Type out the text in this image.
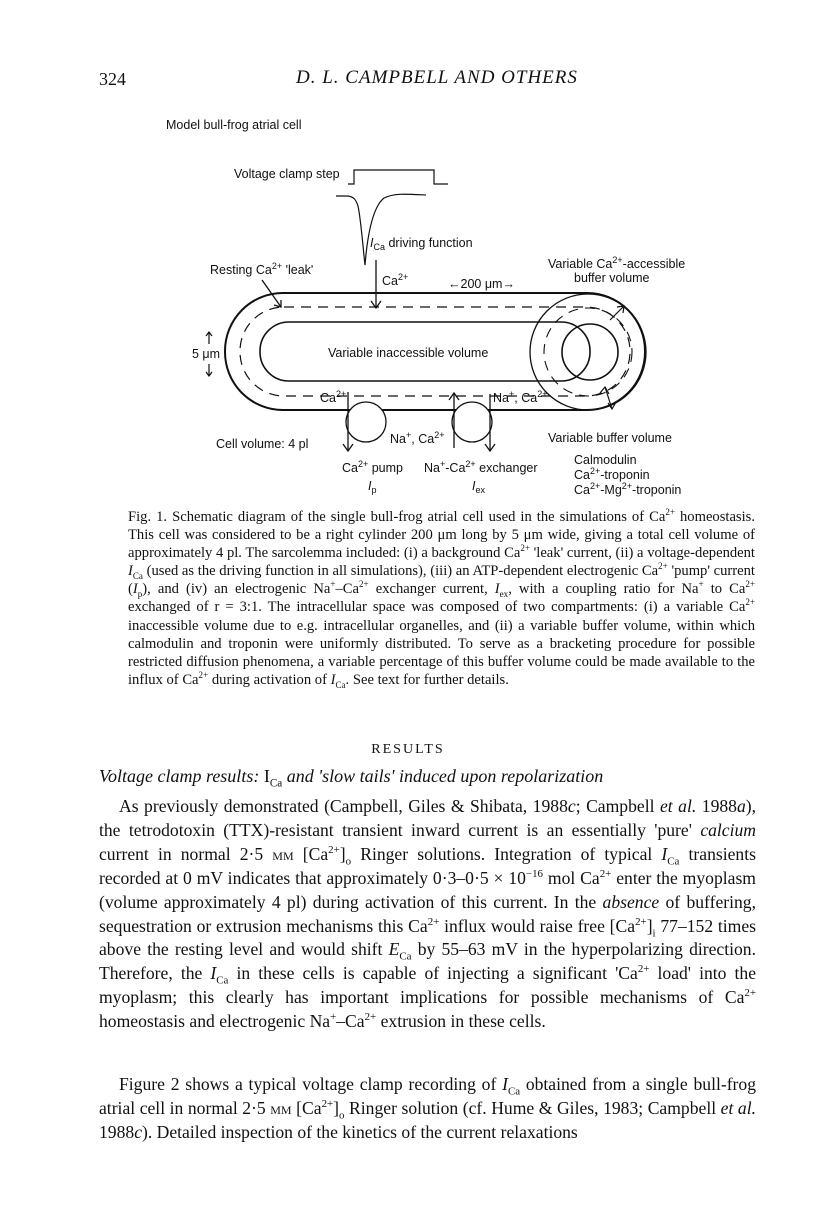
324	D. L. CAMPBELL AND OTHERS
Model bull-frog atrial cell
Voltage clamp step
$I_{Ca}$ driving function
Resting $Ca^{2+}$ 'leak'
$Ca^{2+}$	←200 μm→
Variable $Ca^{2+}$-accessible
buffer volume
Variable inaccessible volume
5 μm
$Ca^{2+}$
Na+, $Ca^{2+}$
Na+, $Ca^{2+}$
Cell volume: 4 pl	Variable buffer volume
Calmodulin
$Ca^{2+}$-troponin
$Ca^{2+}-Mg^{2+}$-troponin
$Ca^{2+}$ pump
$I_p$
$Na^+-Ca^{2+}$ exchanger
$I_{ex}$
Fig. 1. Schematic diagram of the single bull-frog atrial cell used in the simulations of $Ca^{2+}$ homeostasis. This cell was considered to be a right cylinder 200 μm long by 5 μm wide, giving a total cell volume of approximately 4 pl. The sarcolemma included: (i) a background $Ca^{2+}$ 'leak' current, (ii) a voltage-dependent $I_{Ca}$ (used as the driving function in all simulations), (iii) an ATP-dependent electrogenic $Ca^{2+}$ 'pump' current $(I_p)$, and (iv) an electrogenic $Na^+-Ca^{2+}$ exchanger current, $I_{ex}$, with a coupling ratio for Na+ to $Ca^{2+}$ exchanged of r = 3:1. The intracellular space was composed of two compartments: (i) a variable $Ca^{2+}$ inaccessible volume due to e.g. intracellular organelles, and (ii) a variable buffer volume, within which calmodulin and troponin were uniformly distributed. To serve as a bracketing procedure for possible restricted diffusion phenomena, a variable percentage of this buffer volume could be made available to the influx of $Ca^{2+}$ during activation of $I_{Ca}$. See text for further details.
RESULTS
Voltage clamp results: $I_{Ca}$ and 'slow tails' induced upon repolarization
As previously demonstrated (Campbell, Giles & Shibata, 1988c; Campbell et al. 1988a), the tetrodotoxin (TTX)-resistant transient inward current is an essentially 'pure' calcium current in normal 2·5 mm $[Ca^{2+}]_o$ Ringer solutions. Integration of typical $I_{Ca}$ transients recorded at 0 mV indicates that approximately $0\cdot 3-0\cdot 5 \times 10^{-16}$ mol $Ca^{2+}$ enter the myoplasm (volume approximately 4 pl) during activation of this current. In the absence of buffering, sequestration or extrusion mechanisms this $Ca^{2+}$ influx would raise free $[Ca^{2+}]_i$ 77–152 times above the resting level and would shift $E_{Ca}$ by 55–63 mV in the hyperpolarizing direction. Therefore, the $I_{Ca}$ in these cells is capable of injecting a significant '$Ca^{2+}$ load' into the myoplasm; this clearly has important implications for possible mechanisms of $Ca^{2+}$ homeostasis and electrogenic $Na^+-Ca^{2+}$ extrusion in these cells.
Figure 2 shows a typical voltage clamp recording of $I_{Ca}$ obtained from a single bull-frog atrial cell in normal 2·5 mm $[Ca^{2+}]_o$ Ringer solution (cf. Hume & Giles, 1983; Campbell et al. 1988c). Detailed inspection of the kinetics of the current relaxations
